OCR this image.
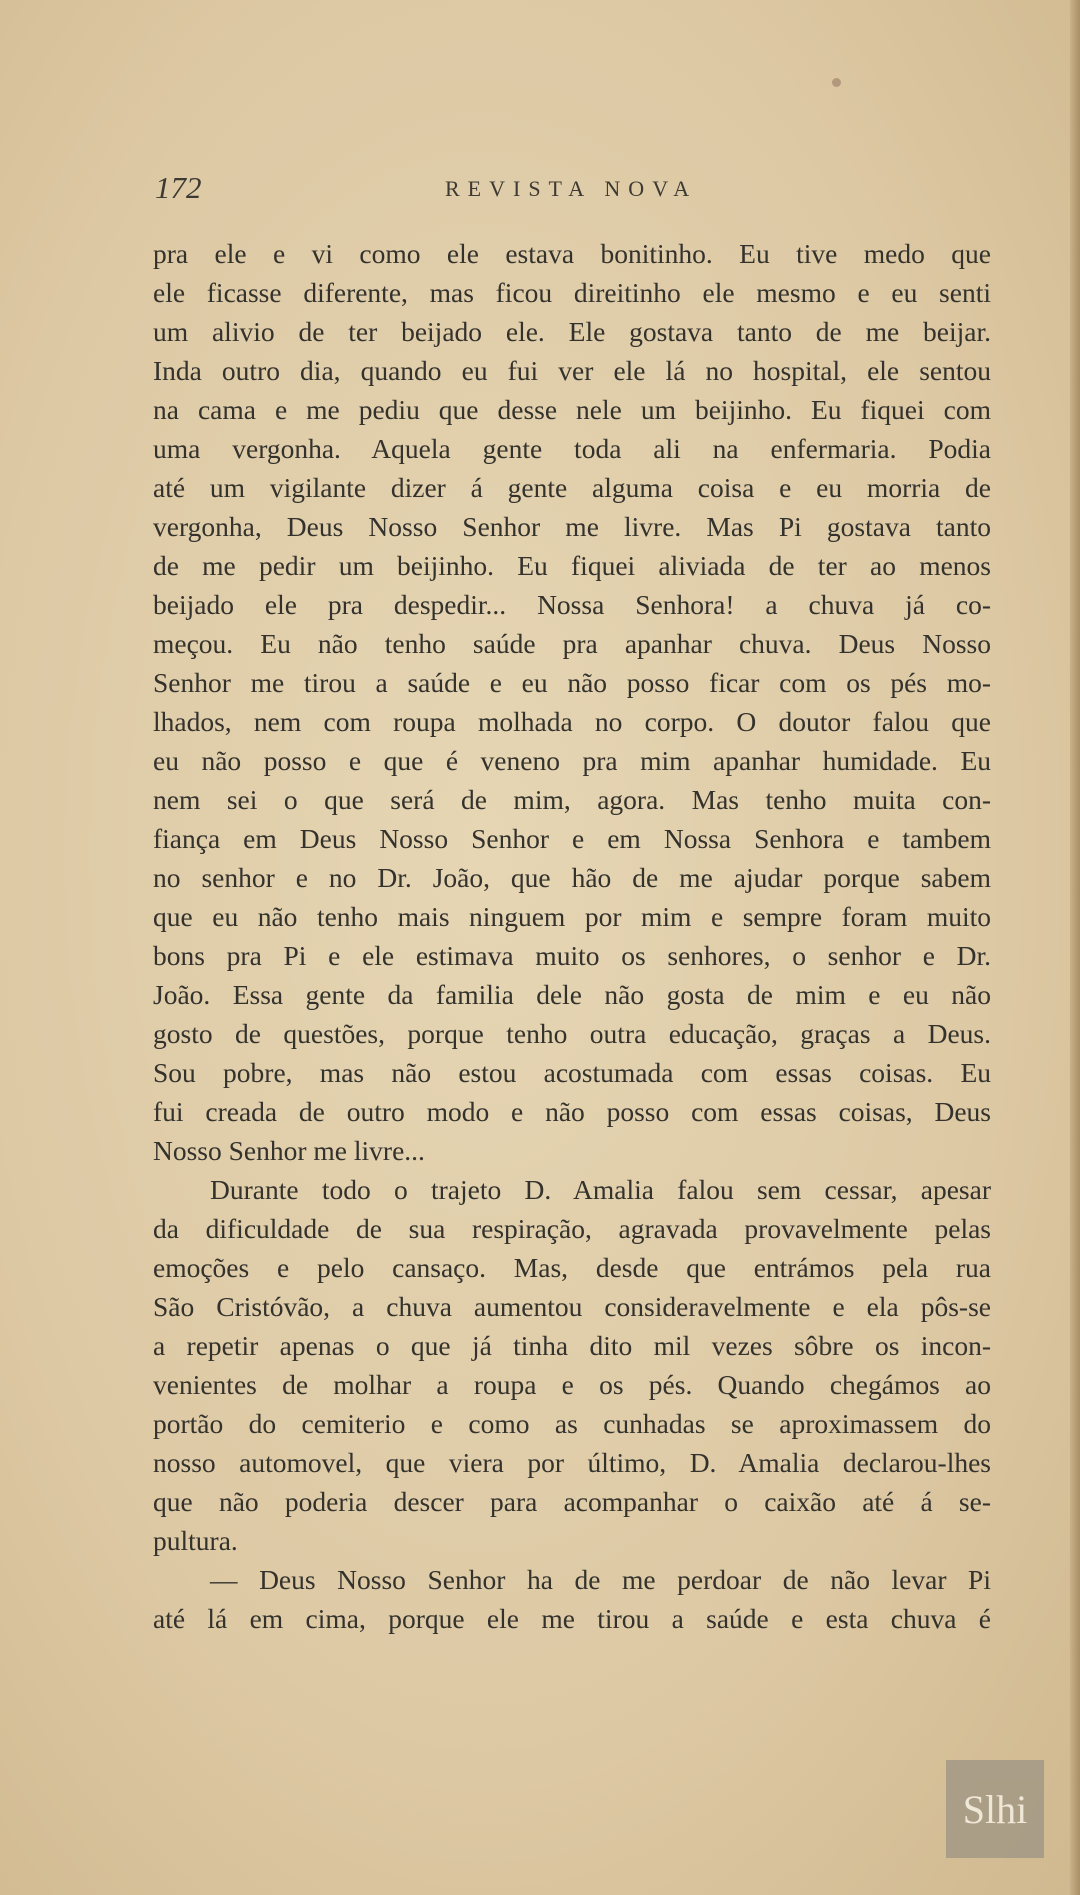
172	REVISTA NOVA
pra ele e vi como ele estava bonitinho. Eu tive medo que
ele ficasse diferente, mas ficou direitinho ele mesmo e eu senti
um alivio de ter beijado ele. Ele gostava tanto de me beijar.
Inda outro dia, quando eu fui ver ele lá no hospital, ele sentou
na cama e me pediu que desse nele um beijinho. Eu fiquei com
uma vergonha. Aquela gente toda ali na enfermaria. Podia
até um vigilante dizer á gente alguma coisa e eu morria de
vergonha, Deus Nosso Senhor me livre. Mas Pi gostava tanto
de me pedir um beijinho. Eu fiquei aliviada de ter ao menos
beijado ele pra despedir... Nossa Senhora! a chuva já co-
meçou. Eu não tenho saúde pra apanhar chuva. Deus Nosso
Senhor me tirou a saúde e eu não posso ficar com os pés mo-
lhados, nem com roupa molhada no corpo. O doutor falou que
eu não posso e que é veneno pra mim apanhar humidade. Eu
nem sei o que será de mim, agora. Mas tenho muita con-
fiança em Deus Nosso Senhor e em Nossa Senhora e tambem
no senhor e no Dr. João, que hão de me ajudar porque sabem
que eu não tenho mais ninguem por mim e sempre foram muito
bons pra Pi e ele estimava muito os senhores, o senhor e Dr.
João. Essa gente da familia dele não gosta de mim e eu não
gosto de questões, porque tenho outra educação, graças a Deus.
Sou pobre, mas não estou acostumada com essas coisas. Eu
fui creada de outro modo e não posso com essas coisas, Deus
Nosso Senhor me livre...
Durante todo o trajeto D. Amalia falou sem cessar, apesar
da dificuldade de sua respiração, agravada provavelmente pelas
emoções e pelo cansaço. Mas, desde que entrámos pela rua
São Cristóvão, a chuva aumentou consideravelmente e ela pôs-se
a repetir apenas o que já tinha dito mil vezes sôbre os incon-
venientes de molhar a roupa e os pés. Quando chegámos ao
portão do cemiterio e como as cunhadas se aproximassem do
nosso automovel, que viera por último, D. Amalia declarou-lhes
que não poderia descer para acompanhar o caixão até á se-
pultura.
— Deus Nosso Senhor ha de me perdoar de não levar Pi
até lá em cima, porque ele me tirou a saúde e esta chuva é
Slhi
